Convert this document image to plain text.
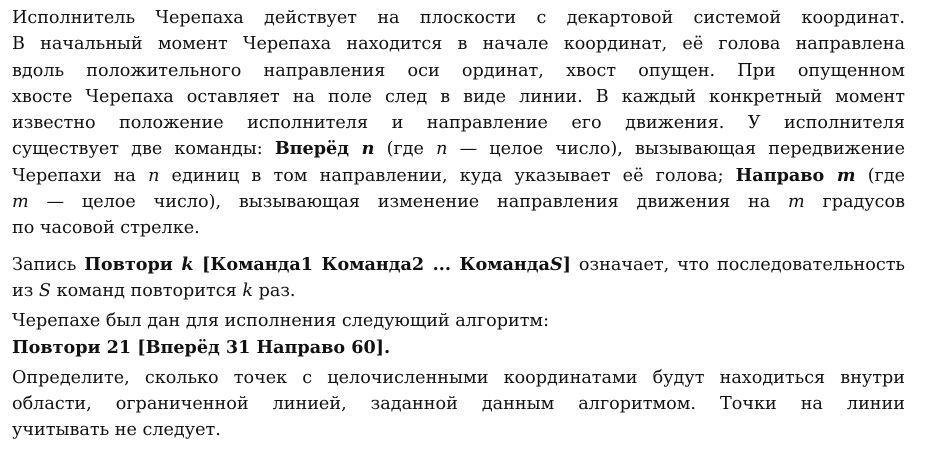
Исполнитель Черепаха действует на плоскости с декартовой системой координат.
В начальный момент Черепаха находится в начале координат, её голова направлена
вдоль положительного направления оси ординат, хвост опущен. При опущенном
хвосте Черепаха оставляет на поле след в виде линии. В каждый конкретный момент
известно положение исполнителя и направление его движения. У исполнителя
существует две команды: Вперёд n (где n — целое число), вызывающая передвижение
Черепахи на n единиц в том направлении, куда указывает её голова; Направо m (где
m — целое число), вызывающая изменение направления движения на m градусов
по часовой стрелке.
Запись Повтори k [Команда1 Команда2 ... КомандаS] означает, что последовательность
из S команд повторится k раз.
Черепахе был дан для исполнения следующий алгоритм:
Повтори 21 [Вперёд 31 Направо 60].
Определите, сколько точек с целочисленными координатами будут находиться внутри
области, ограниченной линией, заданной данным алгоритмом. Точки на линии
учитывать не следует.
